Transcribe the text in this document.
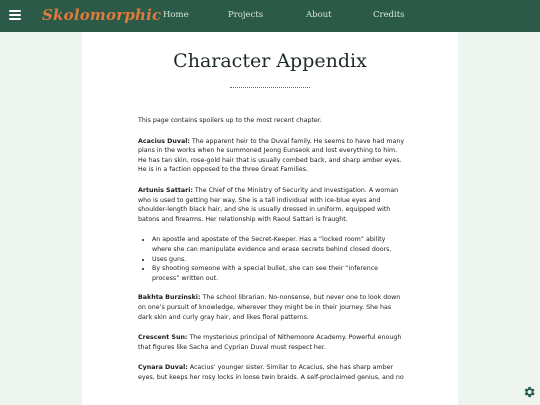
Skolomorphic Home	Projects	About	Credits
Character Appendix

This page contains spoilers up to the most recent chapter.

Acacius Duval: The apparent heir to the Duval family. He seems to have had many plans in the works when he summoned Jeong Eunseok and lost everything to him. He has tan skin, rose-gold hair that is usually combed back, and sharp amber eyes. He is in a faction opposed to the three Great Families.

Artunis Sattari: The Chief of the Ministry of Security and Investigation. A woman who is used to getting her way. She is a tall individual with ice-blue eyes and shoulder-length black hair, and she is usually dressed in uniform, equipped with batons and firearms. Her relationship with Raoul Sattari is fraught.

• An apostle and apostate of the Secret-Keeper. Has a “locked room” ability where she can manipulate evidence and erase secrets behind closed doors.
• Uses guns.
• By shooting someone with a special bullet, she can see their “inference process” written out.

Bakhta Burzinski: The school librarian. No-nonsense, but never one to look down on one’s pursuit of knowledge, wherever they might be in their journey. She has dark skin and curly gray hair, and likes floral patterns.

Crescent Sun: The mysterious principal of Nithemoore Academy. Powerful enough that figures like Sacha and Cyprian Duval must respect her.

Cynara Duval: Acacius’ younger sister. Similar to Acacius, she has sharp amber eyes, but keeps her rosy locks in loose twin braids. A self-proclaimed genius, and no
